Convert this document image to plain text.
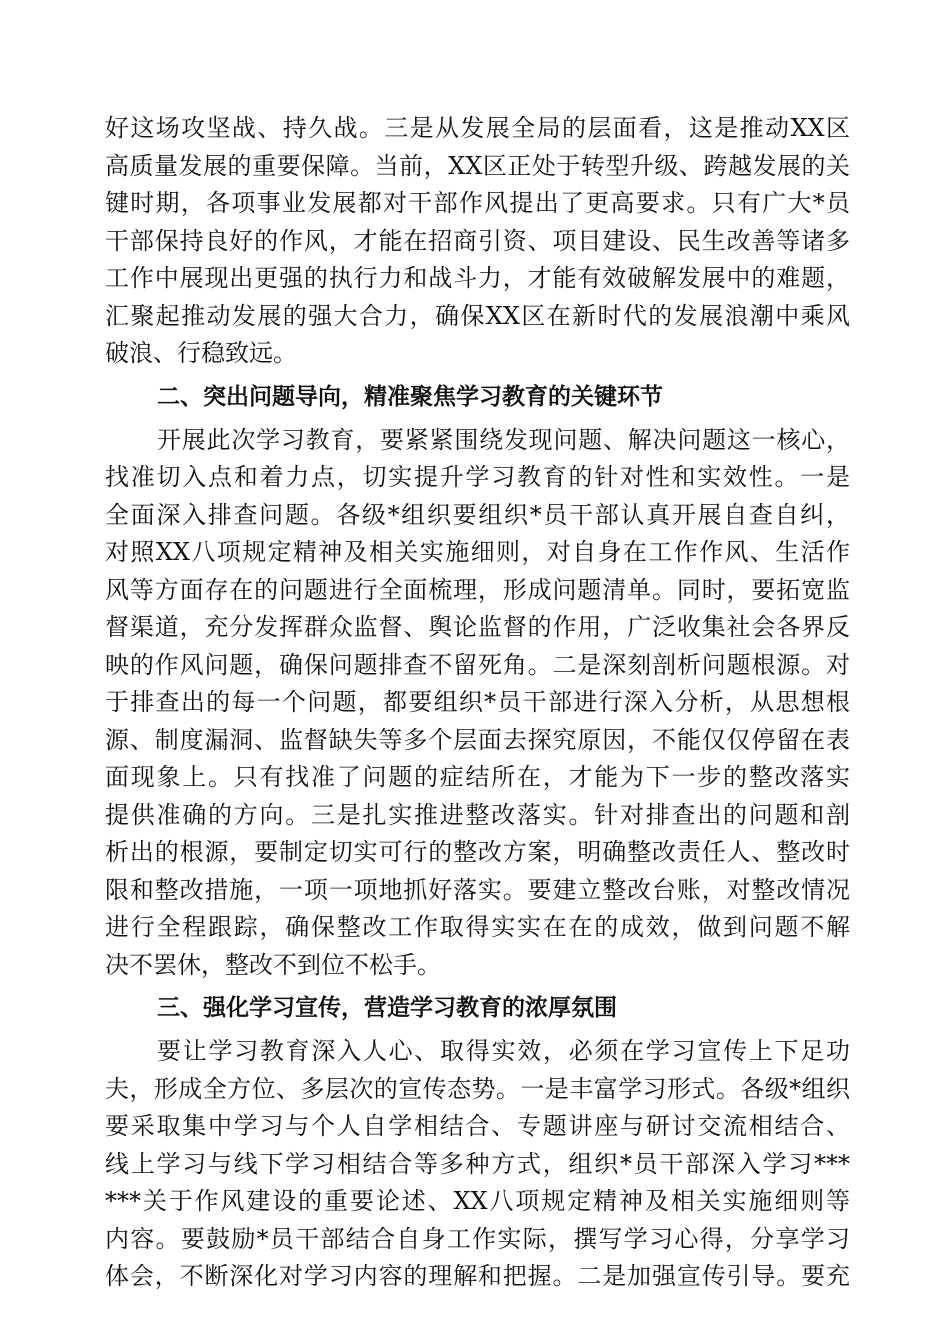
好这场攻坚战、持久战。三是从发展全局的层面看，这是推动XX区
高质量发展的重要保障。当前，XX区正处于转型升级、跨越发展的关
键时期，各项事业发展都对干部作风提出了更高要求。只有广大*员
干部保持良好的作风，才能在招商引资、项目建设、民生改善等诸多
工作中展现出更强的执行力和战斗力，才能有效破解发展中的难题，
汇聚起推动发展的强大合力，确保XX区在新时代的发展浪潮中乘风
破浪、行稳致远。
二、突出问题导向，精准聚焦学习教育的关键环节
开展此次学习教育，要紧紧围绕发现问题、解决问题这一核心，
找准切入点和着力点，切实提升学习教育的针对性和实效性。一是
全面深入排查问题。各级*组织要组织*员干部认真开展自查自纠，
对照XX八项规定精神及相关实施细则，对自身在工作作风、生活作
风等方面存在的问题进行全面梳理，形成问题清单。同时，要拓宽监
督渠道，充分发挥群众监督、舆论监督的作用，广泛收集社会各界反
映的作风问题，确保问题排查不留死角。二是深刻剖析问题根源。对
于排查出的每一个问题，都要组织*员干部进行深入分析，从思想根
源、制度漏洞、监督缺失等多个层面去探究原因，不能仅仅停留在表
面现象上。只有找准了问题的症结所在，才能为下一步的整改落实
提供准确的方向。三是扎实推进整改落实。针对排查出的问题和剖
析出的根源，要制定切实可行的整改方案，明确整改责任人、整改时
限和整改措施，一项一项地抓好落实。要建立整改台账，对整改情况
进行全程跟踪，确保整改工作取得实实在在的成效，做到问题不解
决不罢休，整改不到位不松手。
三、强化学习宣传，营造学习教育的浓厚氛围
要让学习教育深入人心、取得实效，必须在学习宣传上下足功
夫，形成全方位、多层次的宣传态势。一是丰富学习形式。各级*组织
要采取集中学习与个人自学相结合、专题讲座与研讨交流相结合、
线上学习与线下学习相结合等多种方式，组织*员干部深入学习***
***关于作风建设的重要论述、XX八项规定精神及相关实施细则等
内容。要鼓励*员干部结合自身工作实际，撰写学习心得，分享学习
体会，不断深化对学习内容的理解和把握。二是加强宣传引导。要充
